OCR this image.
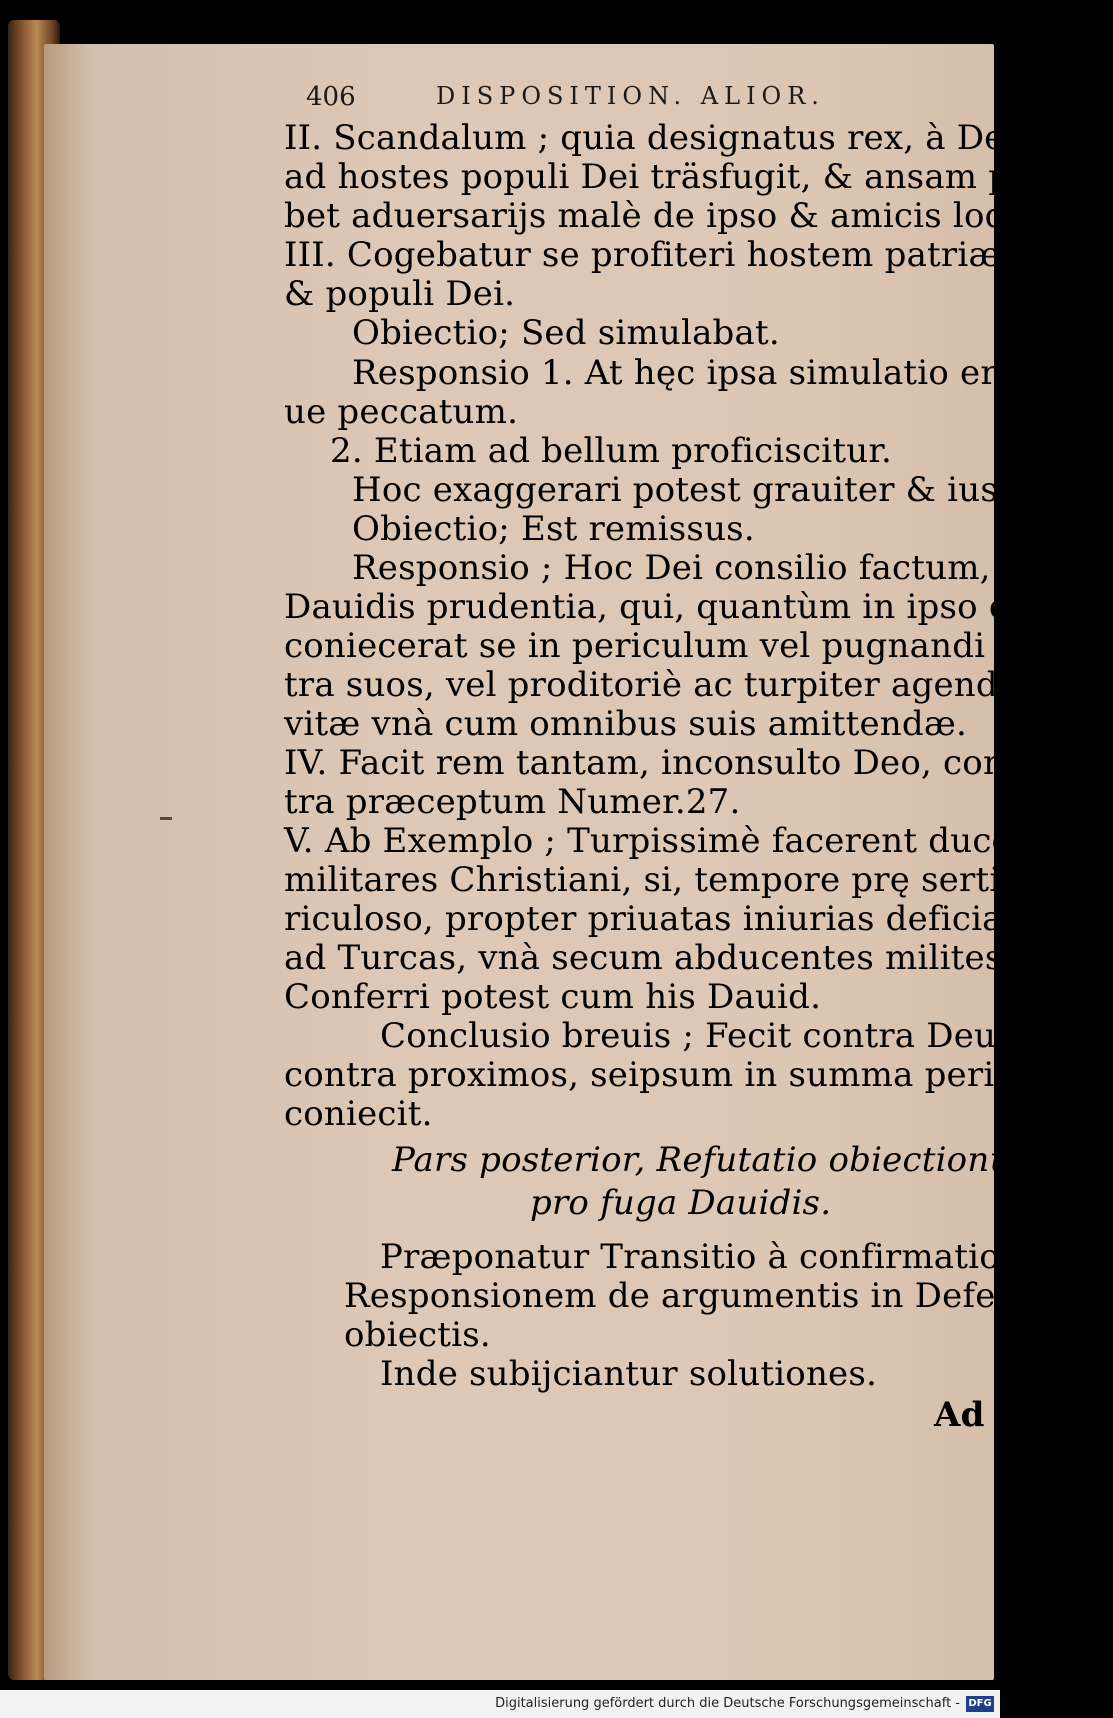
406	DISPOSITION. ALIOR.
II. Scandalum ; quia designatus rex, à Deo
ad hostes populi Dei träsfugit, & ansam præ-
bet aduersarijs malè de ipso & amicis loquēdi.
III. Cogebatur se profiteri hostem patriæ,
& populi Dei.
Obiectio; Sed simulabat.
Responsio 1. At hęc ipsa simulatio erat gra-
ue peccatum.
2. Etiam ad bellum proficiscitur.
Hoc exaggerari potest grauiter & iustè.
Obiectio; Est remissus.
Responsio ; Hoc Dei consilio factum, non
Dauidis prudentia, qui, quantùm in ipso erat,
coniecerat se in periculum vel pugnandi cō-
tra suos, vel proditoriè ac turpiter agendi, vel
vitæ vnà cum omnibus suis amittendæ.
IV. Facit rem tantam, inconsulto Deo, con-
tra præceptum Numer.27.
V. Ab Exemplo ; Turpissimè facerent duces
militares Christiani, si, tempore prę sertim pe-
riculoso, propter priuatas iniurias deficiant
ad Turcas, vnà secum abducentes milites.
Conferri potest cum his Dauid.
Conclusio breuis ; Fecit contra Deum,
contra proximos, seipsum in summa pericula
coniecit.
Pars posterior, Refutatio obiectionum
pro fuga Dauidis.
Præponatur Transitio à confirmatione ad
Responsionem de argumentis in Defensione
obiectis.
Inde subijciantur solutiones.
Ad
Digitalisierung gefördert durch die Deutsche Forschungsgemeinschaft - DFG
